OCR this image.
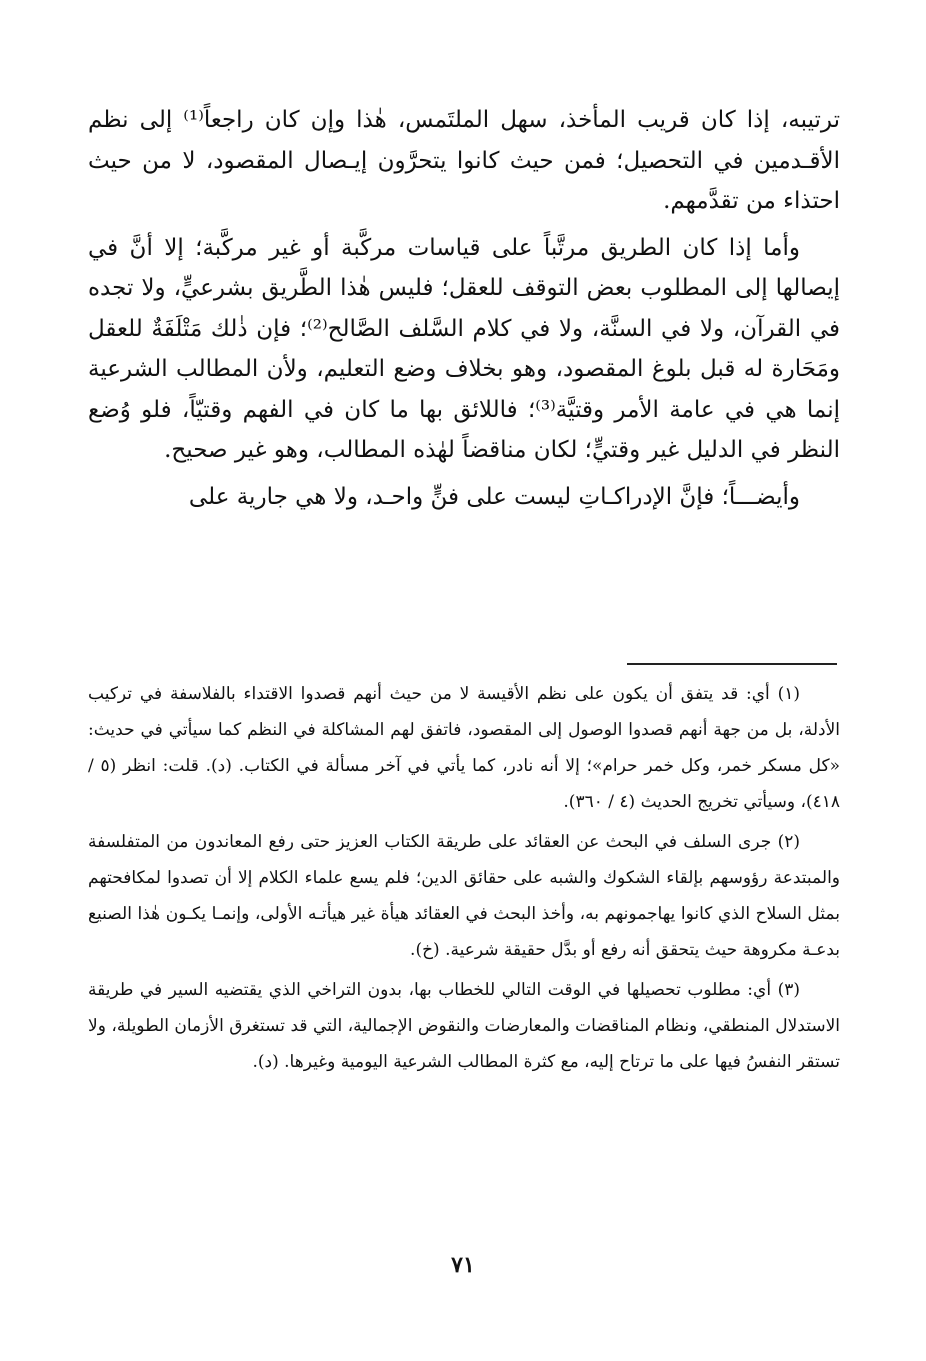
ترتيبه، إذا كان قريب المأخذ، سهل الملتَمس، هٰذا وإن كان راجعاً⁽¹⁾ إلى نظم الأقـدمين في التحصيل؛ فمن حيث كانوا يتحرَّون إيـصال المقصود، لا من حيث احتذاء من تقدَّمهم.

وأما إذا كان الطريق مرتَّباً على قياسات مركَّبة أو غير مركَّبة؛ إلا أنَّ في إيصالها إلى المطلوب بعض التوقف للعقل؛ فليس هٰذا الطَّريق بشرعيٍّ، ولا تجده في القرآن، ولا في السنَّة، ولا في كلام السَّلف الصَّالح⁽²⁾؛ فإن ذٰلك مَتْلَفَةٌ للعقل ومَحَارة له قبل بلوغ المقصود، وهو بخلاف وضع التعليم، ولأن المطالب الشرعية إنما هي في عامة الأمر وقتيَّة⁽³⁾؛ فاللائق بها ما كان في الفهم وقتيّاً، فلو وُضع النظر في الدليل غير وقتيٍّ؛ لكان مناقضاً لهٰذه المطالب، وهو غير صحيح.

وأيضـــاً؛ فإنَّ الإدراكـاتِ ليست على فنٍّ واحـد، ولا هي جارية على

(١) أي: قد يتفق أن يكون على نظم الأقيسة لا من حيث أنهم قصدوا الاقتداء بالفلاسفة في تركيب الأدلة، بل من جهة أنهم قصدوا الوصول إلى المقصود، فاتفق لهم المشاكلة في النظم كما سيأتي في حديث: «كل مسكر خمر، وكل خمر حرام»؛ إلا أنه نادر، كما يأتي في آخر مسألة في الكتاب. (د). قلت: انظر (٥ / ٤١٨)، وسيأتي تخريج الحديث (٤ / ٣٦٠).

(٢) جرى السلف في البحث عن العقائد على طريقة الكتاب العزيز حتى رفع المعاندون من المتفلسفة والمبتدعة رؤوسهم بإلقاء الشكوك والشبه على حقائق الدين؛ فلم يسع علماء الكلام إلا أن تصدوا لمكافحتهم بمثل السلاح الذي كانوا يهاجمونهم به، وأخذ البحث في العقائد هيأة غير هيأتـه الأولى، وإنمـا يكـون هٰذا الصنيع بدعـة مكروهة حيث يتحقق أنه رفع أو بدَّل حقيقة شرعية. (خ).

(٣) أي: مطلوب تحصيلها في الوقت التالي للخطاب بها، بدون التراخي الذي يقتضيه السير في طريقة الاستدلال المنطقي، ونظام المناقضات والمعارضات والنقوض الإجمالية، التي قد تستغرق الأزمان الطويلة، ولا تستقر النفسُ فيها على ما ترتاح إليه، مع كثرة المطالب الشرعية اليومية وغيرها. (د).

٧١
